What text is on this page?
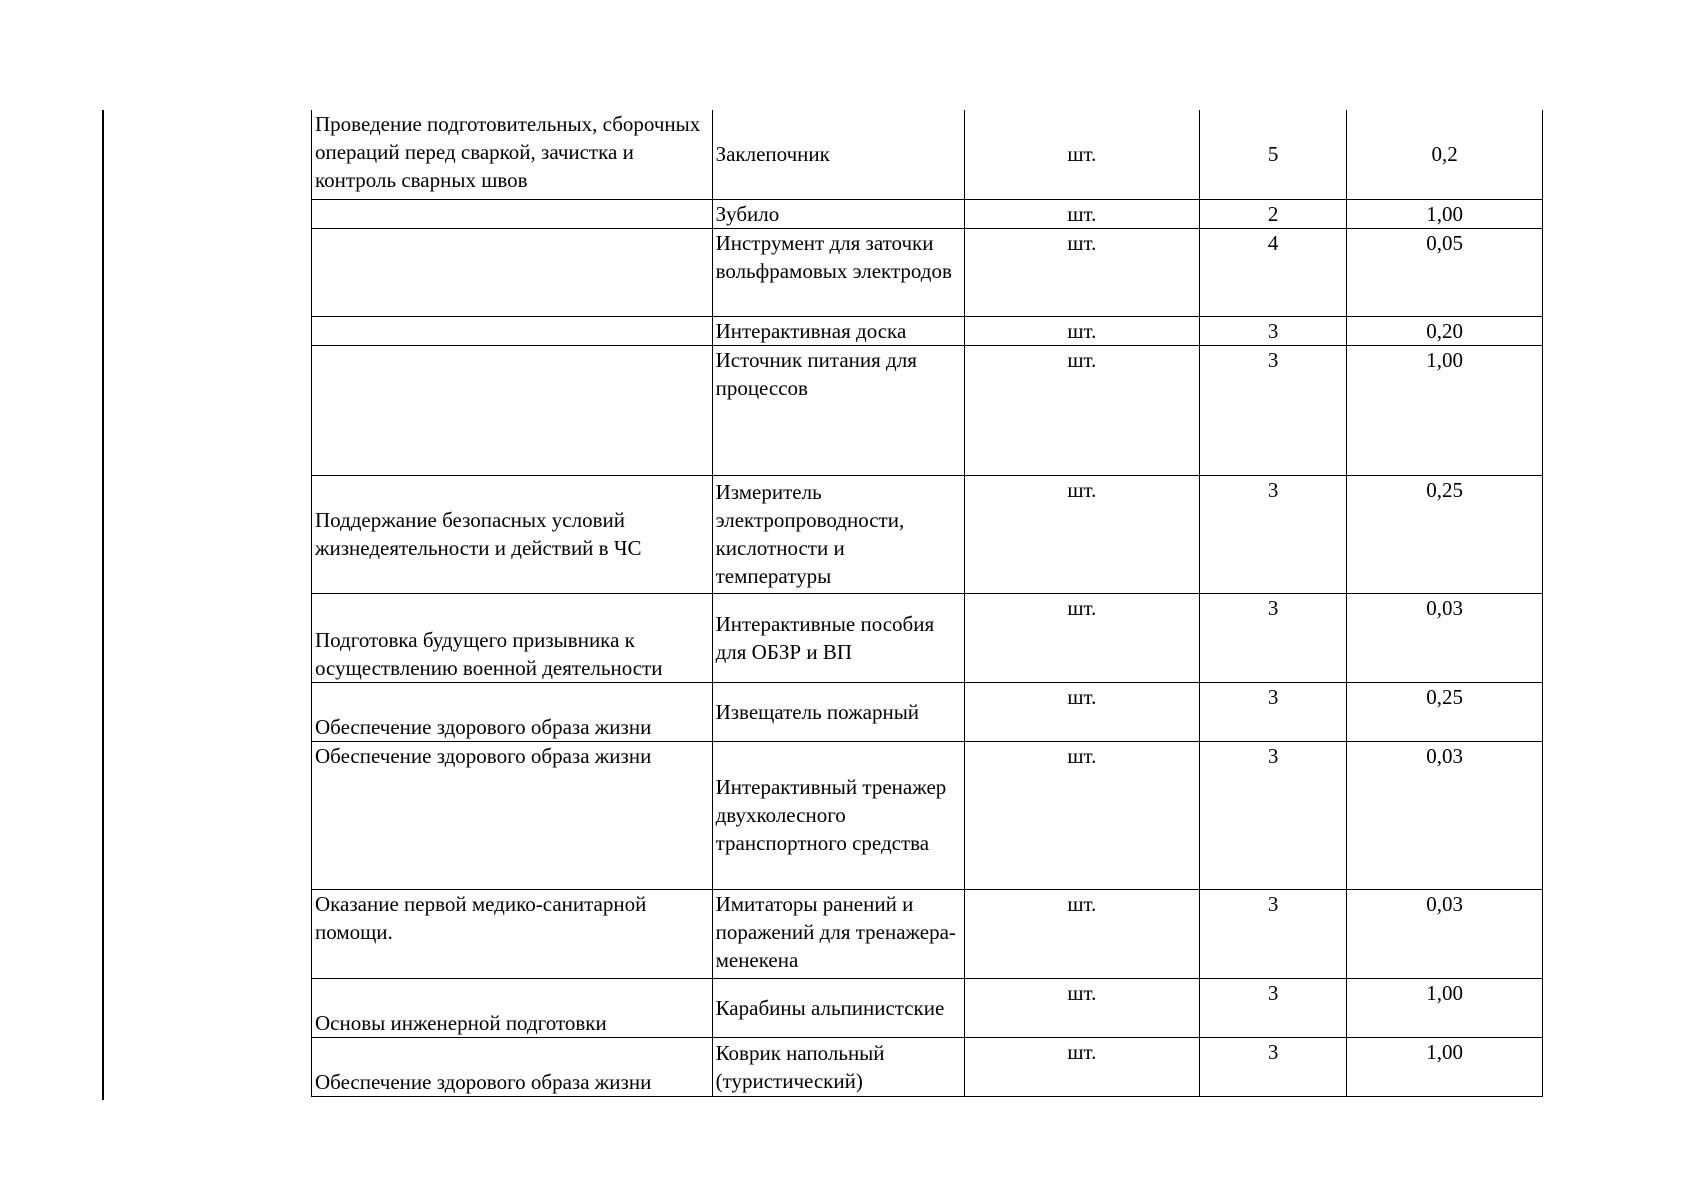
Проведение подготовительных, сборочных операций перед сваркой, зачистка и контроль сварных швов	Заклепочник	шт.	5	0,2
	Зубило	шт.	2	1,00
	Инструмент для заточки вольфрамовых электродов	шт.	4	0,05
	Интерактивная доска	шт.	3	0,20
	Источник питания для процессов	шт.	3	1,00
Поддержание безопасных условий жизнедеятельности и действий в ЧС	Измеритель электропроводности, кислотности и температуры	шт.	3	0,25
Подготовка будущего призывника к осуществлению военной деятельности	Интерактивные пособия для ОБЗР и ВП	шт.	3	0,03
Обеспечение здорового образа жизни	Извещатель пожарный	шт.	3	0,25
Обеспечение здорового образа жизни	Интерактивный тренажер двухколесного транспортного средства	шт.	3	0,03
Оказание первой медико-санитарной помощи.	Имитаторы ранений и поражений для тренажера-менекена	шт.	3	0,03
Основы инженерной подготовки	Карабины альпинистские	шт.	3	1,00
Обеспечение здорового образа жизни	Коврик напольный (туристический)	шт.	3	1,00
